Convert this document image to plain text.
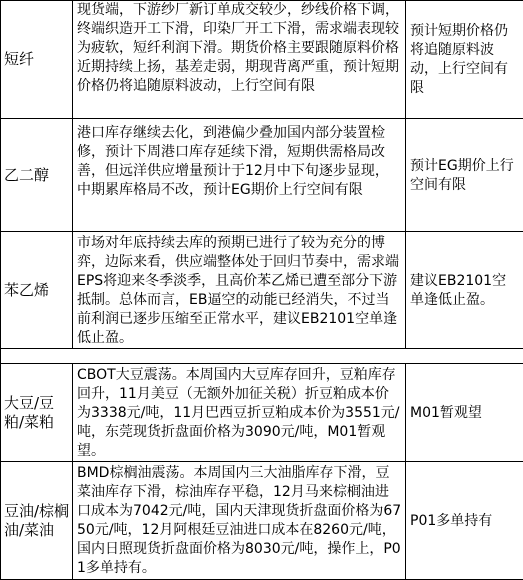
短纤	现货端，下游纱厂新订单成交较少，纱线价格下调，终端织造开工下滑，印染厂开工下滑，需求端表现较为疲软，短纤利润下滑。期货价格主要跟随原料价格近期持续上扬，基差走弱，期现背离严重，预计短期价格仍将追随原料波动，上行空间有限	预计短期价格仍将追随原料波动，上行空间有限
乙二醇	港口库存继续去化，到港偏少叠加国内部分装置检修，预计下周港口库存延续下滑，短期供需格局改善，但远洋供应增量预计于12月中下旬逐步显现，中期累库格局不改，预计EG期价上行空间有限	预计EG期价上行空间有限
苯乙烯	市场对年底持续去库的预期已进行了较为充分的博弈，边际来看，供应端整体处于回归节奏中，需求端EPS将迎来冬季淡季，且高价苯乙烯已遭至部分下游抵制。总体而言，EB逼空的动能已经消失，不过当前利润已逐步压缩至正常水平，建议EB2101空单逢低止盈。	建议EB2101空单逢低止盈。

大豆/豆粕/菜粕	CBOT大豆震荡。本周国内大豆库存回升，豆粕库存回升，11月美豆（无额外加征关税）折豆粕成本价为3338元/吨，11月巴西豆折豆粕成本价为3551元/吨，东莞现货折盘面价格为3090元/吨，M01暂观望。	M01暂观望
豆油/棕榈油/菜油	BMD棕榈油震荡。本周国内三大油脂库存下滑，豆菜油库存下滑，棕油库存平稳，12月马来棕榈油进口成本为7042元/吨，国内天津现货折盘面价格为6750元/吨，12月阿根廷豆油进口成本在8260元/吨，国内日照现货折盘面价格为8030元/吨，操作上，P01多单持有。	P01多单持有
